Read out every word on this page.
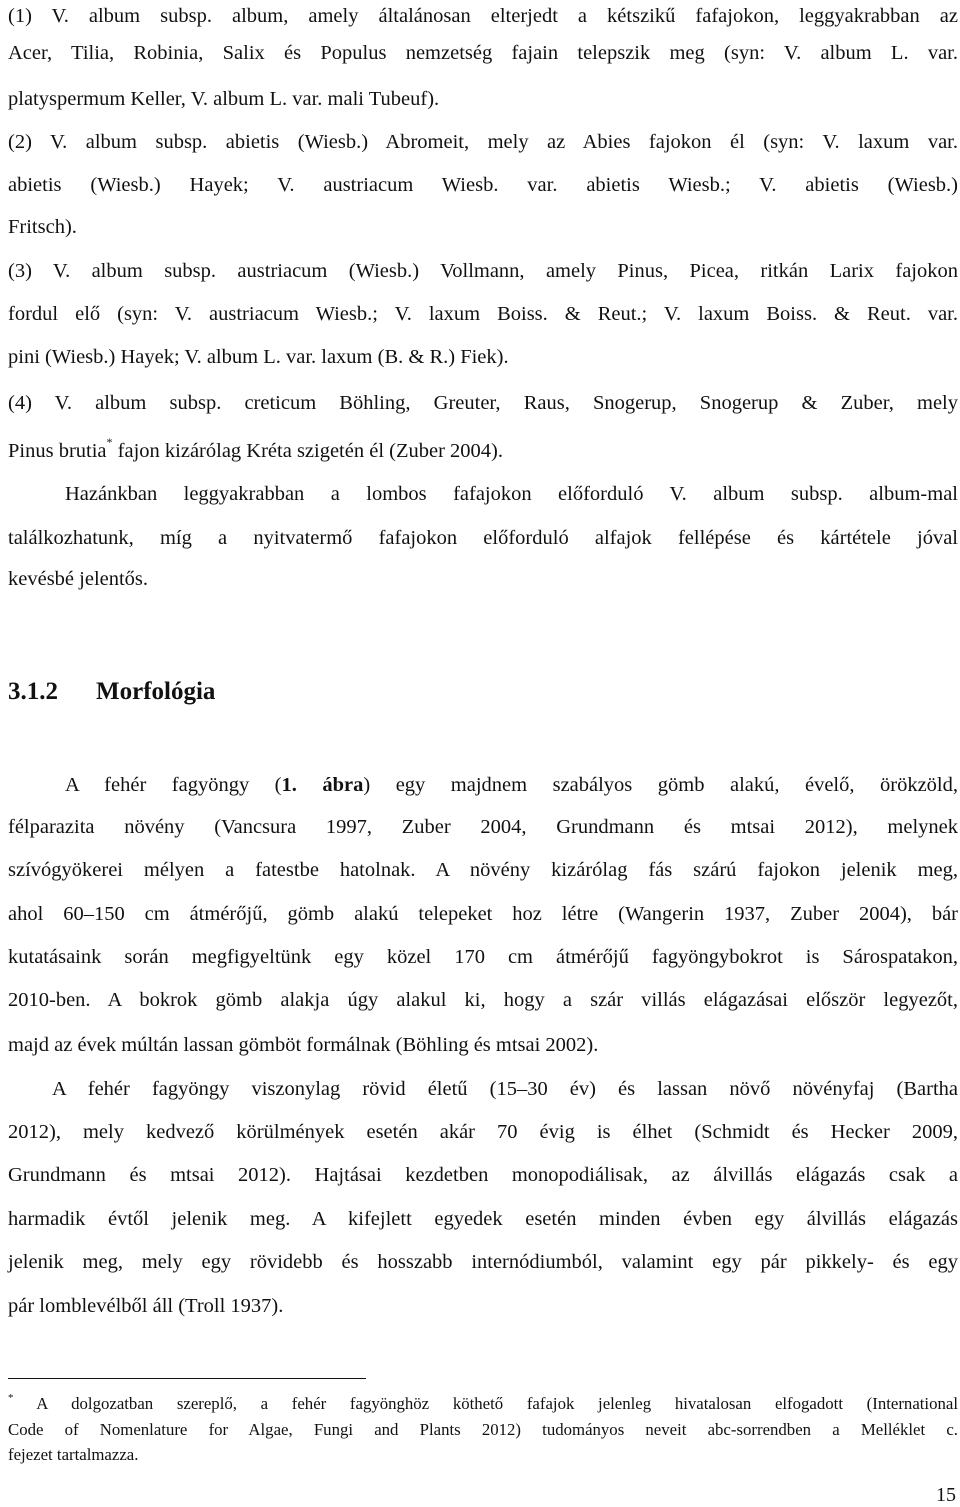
(1) V. album subsp. album, amely általánosan elterjedt a kétszikű fafajokon, leggyakrabban az
Acer, Tilia, Robinia, Salix és Populus nemzetség fajain telepszik meg (syn: V. album L. var.
platyspermum Keller, V. album L. var. mali Tubeuf).
(2) V. album subsp. abietis (Wiesb.) Abromeit, mely az Abies fajokon él (syn: V. laxum var.
abietis (Wiesb.) Hayek; V. austriacum Wiesb. var. abietis Wiesb.; V. abietis (Wiesb.)
Fritsch).
(3) V. album subsp. austriacum (Wiesb.) Vollmann, amely Pinus, Picea, ritkán Larix fajokon
fordul elő (syn: V. austriacum Wiesb.; V. laxum Boiss. & Reut.; V. laxum Boiss. & Reut. var.
pini (Wiesb.) Hayek; V. album L. var. laxum (B. & R.) Fiek).
(4) V. album subsp. creticum Böhling, Greuter, Raus, Snogerup, Snogerup & Zuber, mely
Pinus brutia* fajon kizárólag Kréta szigetén él (Zuber 2004).
Hazánkban leggyakrabban a lombos fafajokon előforduló V. album subsp. album-mal
találkozhatunk, míg a nyitvatermő fafajokon előforduló alfajok fellépése és kártétele jóval
kevésbé jelentős.
3.1.2 Morfológia
A fehér fagyöngy (1. ábra) egy majdnem szabályos gömb alakú, évelő, örökzöld,
félparazita növény (Vancsura 1997, Zuber 2004, Grundmann és mtsai 2012), melynek
szívógyökerei mélyen a fatestbe hatolnak. A növény kizárólag fás szárú fajokon jelenik meg,
ahol 60–150 cm átmérőjű, gömb alakú telepeket hoz létre (Wangerin 1937, Zuber 2004), bár
kutatásaink során megfigyeltünk egy közel 170 cm átmérőjű fagyöngybokrot is Sárospatakon,
2010-ben. A bokrok gömb alakja úgy alakul ki, hogy a szár villás elágazásai először legyezőt,
majd az évek múltán lassan gömböt formálnak (Böhling és mtsai 2002).
A fehér fagyöngy viszonylag rövid életű (15–30 év) és lassan növő növényfaj (Bartha
2012), mely kedvező körülmények esetén akár 70 évig is élhet (Schmidt és Hecker 2009,
Grundmann és mtsai 2012). Hajtásai kezdetben monopodiálisak, az álvillás elágazás csak a
harmadik évtől jelenik meg. A kifejlett egyedek esetén minden évben egy álvillás elágazás
jelenik meg, mely egy rövidebb és hosszabb internódiumból, valamint egy pár pikkely- és egy
pár lomblevélből áll (Troll 1937).
* A dolgozatban szereplő, a fehér fagyönghöz köthető fafajok jelenleg hivatalosan elfogadott (International
Code of Nomenlature for Algae, Fungi and Plants 2012) tudományos neveit abc-sorrendben a Melléklet c.
fejezet tartalmazza.
15
